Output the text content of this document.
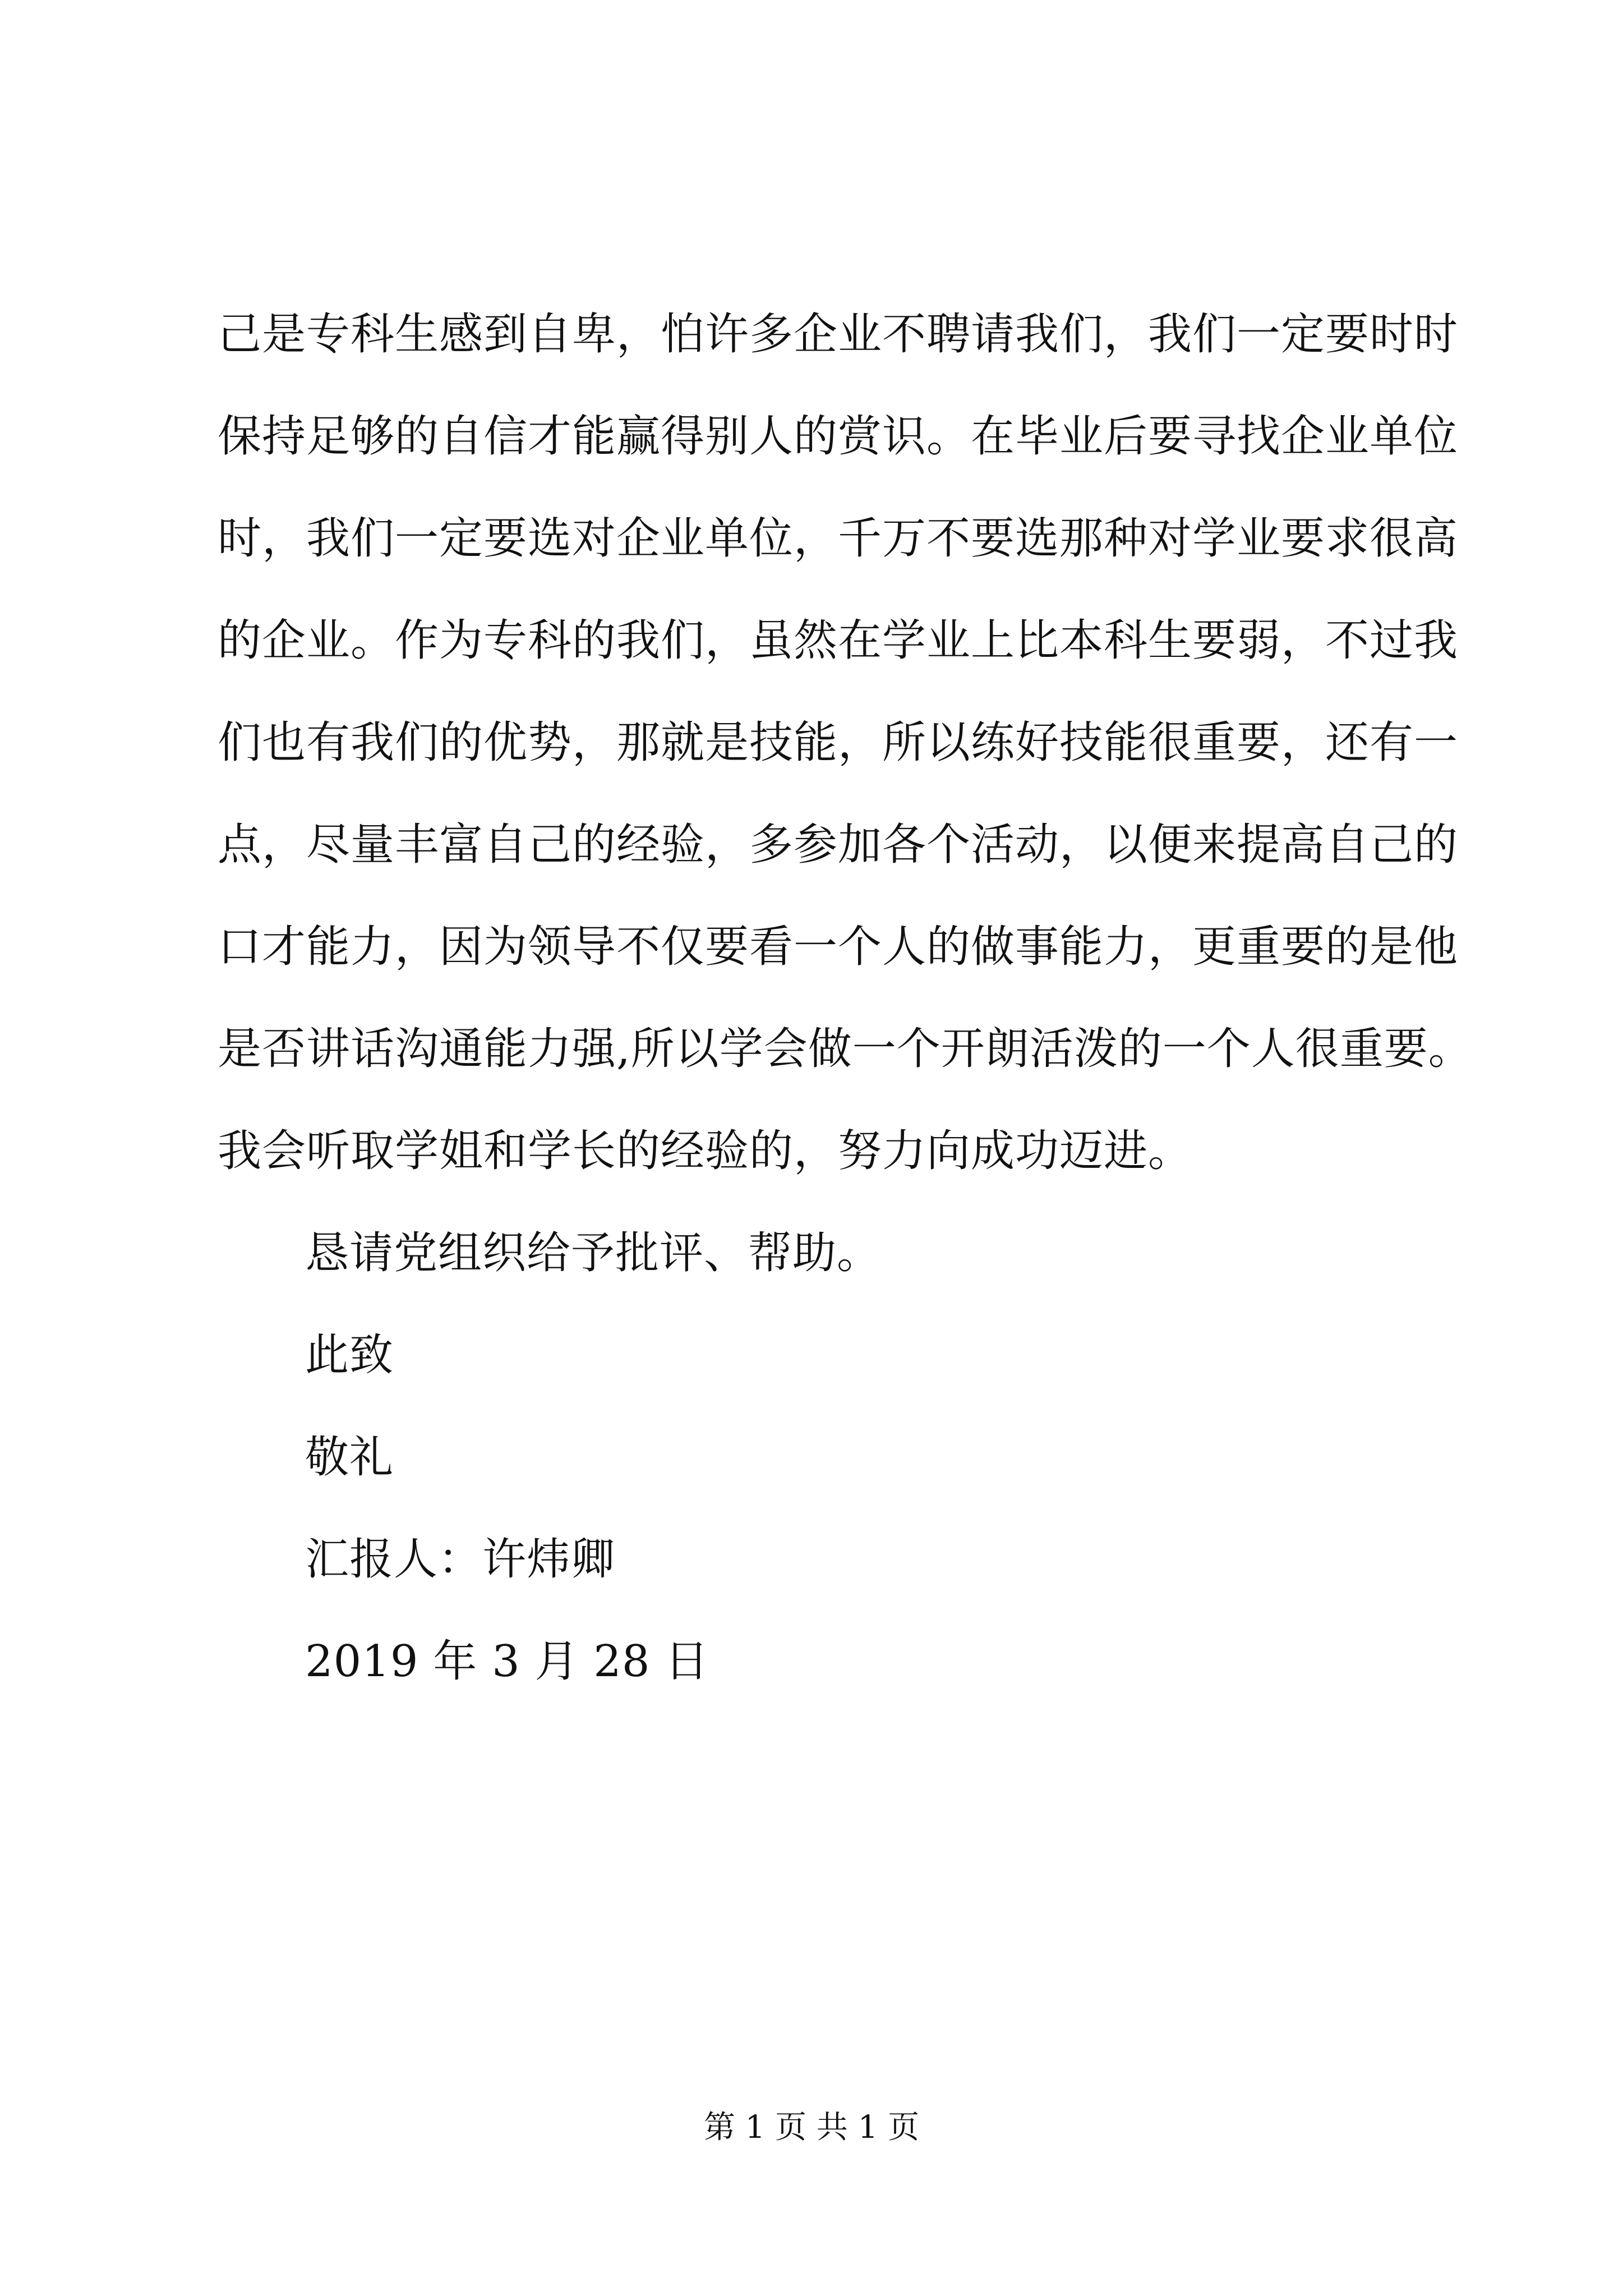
己是专科生感到自卑，怕许多企业不聘请我们，我们一定要时时
保持足够的自信才能赢得别人的赏识。在毕业后要寻找企业单位
时，我们一定要选对企业单位，千万不要选那种对学业要求很高
的企业。作为专科的我们，虽然在学业上比本科生要弱，不过我
们也有我们的优势，那就是技能，所以练好技能很重要，还有一
点，尽量丰富自己的经验，多参加各个活动，以便来提高自己的
口才能力，因为领导不仅要看一个人的做事能力，更重要的是他
是否讲话沟通能力强,所以学会做一个开朗活泼的一个人很重要。
我会听取学姐和学长的经验的，努力向成功迈进。
恳请党组织给予批评、帮助。
此致
敬礼
汇报人：许炜卿
2019 年 3 月 28 日
第 1 页 共 1 页
